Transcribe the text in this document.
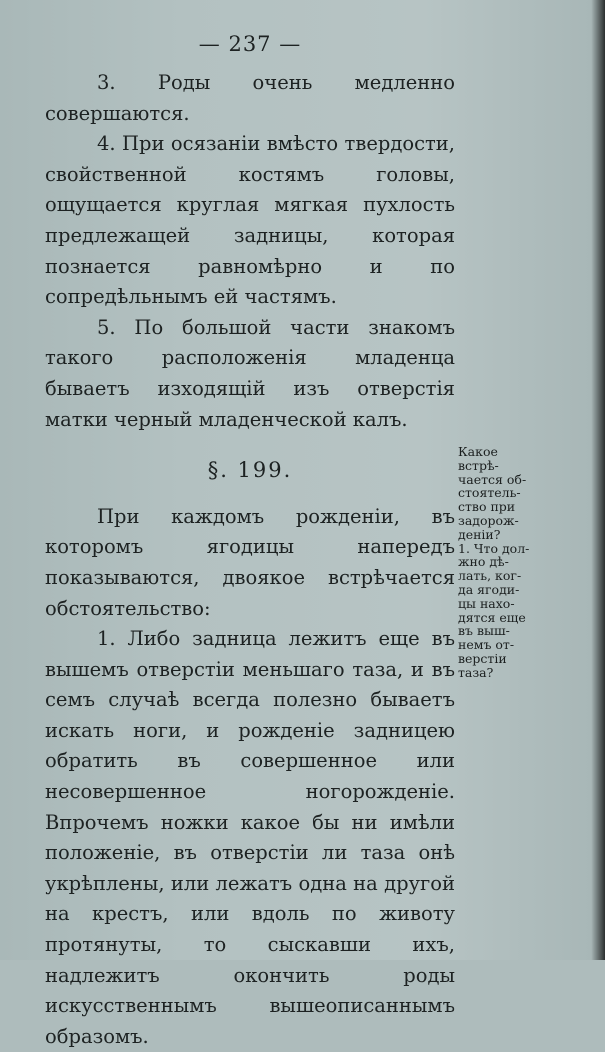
— 237 —

3. Роды очень медленно совершаются.

4. При осязанiи вмѣсто твердости, свойственной костямъ головы, ощущается круглая мягкая пухлость предлежащей задницы, которая познается равномѣрно и по сопредѣльнымъ ей частямъ.

5. По большой части знакомъ такого расположенiя младенца бываетъ изходящiй изъ отверстiя матки черный младенческой калъ.

§. 199.

При каждомъ рожденiи, въ которомъ ягодицы напередъ показываются, двоякое встрѣчается обстоятельство:

1. Либо задница лежитъ еще въ вышемъ отверстiи меньшаго таза, и въ семъ случаѣ всегда полезно бываетъ искать ноги, и рожденiе задницею обратить въ совершенное или несовершенное ногорожденiе. Впрочемъ ножки какое бы ни имѣли положенiе, въ отверстiи ли таза онѣ укрѣплены, или лежатъ одна на другой на крестъ, или вдоль по животу протянуты, то сыскавши ихъ, надлежитъ окончить роды искусственнымъ вышеописаннымъ образомъ.

Какое
встрѣ-
чается об-
стоятель-
ство при
задорож-
денiи?
1. Что дол-
жно дѣ-
лать, ког-
да ягоди-
цы нахо-
дятся еще
въ выш-
немъ от-
верстiи
таза?
